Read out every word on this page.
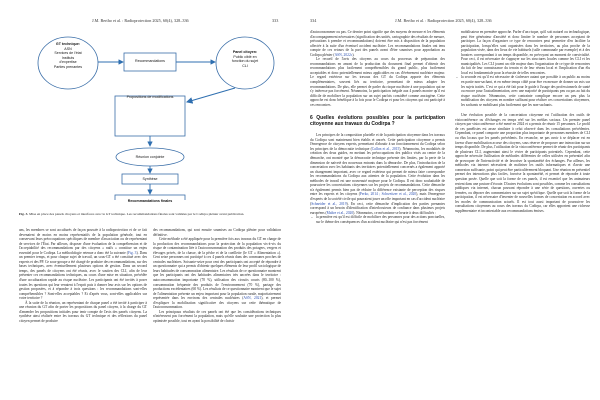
J.M. Bertho et al. : Radioprotection 2025, 60(4), 328–336	333
GT technique:
ASN
Services de l'état
Instituts
d'expertise
Parties prenantes
Recommandations
Panel citoyen:
Public ciblé en
fonction du sujet
CLI
Propositions de modifications
Réunion conjointe
Synthèse
Recommandations finales
Fig. 3. Mise en place des panels citoyens et interfaces avec le GT technique. Les recommandations finales sont validées par le Codirpa plénier avant publication.

ans, les membres se sont acculturés de façon poussée à la radioprotection et de ce fait devenaient de moins en moins représentatifs de la population générale, tout en conservant leurs préoccupations spécifiques de membre d'association ou de représentant de services de l'État. Par ailleurs, disposer d'une évaluation de la compréhension et de l'acceptabilité des recommandations par des citoyens « naïfs » constitue un enjeu essentiel pour le Codirpa. La méthodologie retenue a donc été la suivante (Fig. 3). Dans un premier temps, et pour chaque sujet de travail, un sous-GT a été constitué avec des experts et des PP. Ce sous-groupe a été chargé de produire des recommandations, sur des bases techniques, avec éventuellement plusieurs options de gestion. Dans un second temps, des panels de citoyens ont été réunis, avec le soutien des CLI, afin de leur présenter ces recommandations techniques, au cours d'une mise en situation, précédée d'une acculturation rapide au risque nucléaire. Les participants ont été invités à poser toutes les questions qui leur venaient à l'esprit puis à donner leur avis sur les options de gestion proposées, et à répondre à trois questions : les recommandations sont-elles compréhensibles ? Sont-elles acceptables ? Et d'après vous, sont-elles applicables sur votre territoire ?

À la suite de la réunion, un représentant de chaque panel a été invité à participer à une réunion du GT afin de porter les propositions du panel citoyen, à la charge du GT d'amender les propositions initiales pour tenir compte de l'avis des panels citoyens. La synthèse ainsi réalisée entre les travaux du GT technique et des réflexions du panel citoyen permet de produire

des recommandations, qui sont ensuite soumises au Codirpa plénier pour validation définitive.

Cette méthode a été appliquée pour la première fois aux travaux du GT en charge de la production des recommandations pour la protection de la population vis-à-vis du risque de contamination liée à l'autoconsommation des produits des potagers, vergers et élevages privés, de la chasse, de la pêche et de la cueillette (le GT « Alimentation »). Cent seize personnes ont participé à ces 4 panels réunis dans des communes proches de centrales nucléaires. Soixante-seize pour cent des participants ont accepté de répondre à un questionnaire qui a permis d'obtenir quelques éléments de leur profil sociologique de leurs habitudes de consommation alimentaire. Les résultats de ce questionnaire montrent que les participants ont des habitudes alimentaires très ancrées dans le territoire : autoconsommation importante (70 %), utilisation des circuits courts (80–100 %), consommation fréquente des produits de l'environnement (70 %), partage des productions excédentaires (60 %). Les résultats de ce questionnaire montrent que le sujet de l'alimentation présente un enjeu important pour la population rurale, majoritairement représentée dans les environs des centrales nucléaires (ASN, 2021), et permet d'expliquer la mobilisation significative des citoyens sur cette thématique de l'autoconsommation.

Les principaux résultats de ces panels ont été que les considérations techniques n'intéressent pas forcément la population, mais qu'elle souhaite une protection la plus optimisée possible, tout en ayant la possibilité de choisir

334	J.M. Bertho et al. : Radioprotection 2025, 60(4), 328–336

d'autoconsommer ou pas. Ce dernier point signifie que des moyens de mesure et les éléments d'accompagnement nécessaires (signification des unités, cartographie des résultats de mesure, précautions à prendre et recommandations) doivent être mis à disposition de la population affectée à la suite d'un éventuel accident nucléaire. Les recommandations finales ont tenu compte de ces retours de la part des panels avant d'être soumises pour approbation au Codirpa plénier (ASN, 2022c).

Le recueil de l'avis des citoyens au cours du processus de préparation des recommandations en amont de la production du document final permet d'obtenir des recommandations plus facilement compréhensibles du grand public, plus facilement acceptables et donc potentiellement mieux applicables en cas d'événement nucléaire majeur. Le regard extérieur sur les travaux des GT du Codirpa apporte des éléments complémentaires, souvent liés au territoire, permettant de mieux adapter les recommandations. De plus, elle permet de parler du risque nucléaire à une population qui ne s'y intéresse pas forcément. Néanmoins, la participation inégale aux 4 panels montre qu'il est difficile de mobiliser la population sur un sujet parfois considéré comme anxiogène. Cette approche est donc bénéfique à la fois pour le Codirpa et pour les citoyens qui ont participé à ces rencontres.

6 Quelles évolutions possibles pour la participation citoyenne aux travaux du Codirpa ?

Les principes de la composition plurielle et de la participation citoyenne dans les travaux du Codirpa sont maintenant bien établis et ancrés. Cette participation citoyenne a permis l'émergence de citoyens experts, permettant d'aboutir à un fonctionnement du Codirpa selon les principes de la démocratie technique (Callon et al., 2015). Néanmoins, les modalités de création des deux guides, en mettant les préoccupations des publics visés au centre de la démarche, ont montré que la démocratie technique présente des limites, par la perte de la dimension de naïveté des nouveaux entrants dans la démarche. De plus, l'introduction de la concertation avec les habitants des territoires potentiellement concernés a également apporté un changement important, avec ce regard extérieur qui permet de mieux faire correspondre les recommandations du Codirpa aux attentes de la population. Cette évolution dans les méthodes de travail est une nouveauté majeure pour le Codirpa. Il est donc souhaitable de poursuivre les concertations citoyennes sur les projets de recommandations. Cette démarche n'a également permis bien pas de réduire la différence existante de perception des risques entre les experts et les citoyens (Perko, 2014 ; Schweitzer et al., 2020), mais l'émergence d'experts de la société civile qui pourraient jouer un rôle important en cas d'accident nucléaire (Schneider et al., 2019). En ceci, cette démarche d'implication des parties prenantes correspond à un besoin d'identification d'interlocuteurs de confiance dans plusieurs projets européens (Maître et al., 2020). Néanmoins, ce mécanisme se heurte à deux difficultés :

– la première est qu'il est difficile de mobiliser des personnes pour des actions ponctuelles, sur le thème des conséquences d'un accident nucléaire qui n'est pas forcément

mobilisateur en première approche. Parler d'un risque, qu'il soit naturel ou technologique, peut être générateur d'anxiété et donc limiter le nombre de personnes acceptant de participer. La façon d'organiser ce type de rencontres peut permettre d'en faciliter la participation, lorsqu'elles sont organisées dans les territoires, au plus proche de la population visée, dans des lieux de vie habituels (salle communale par exemple) et à des horaires correspondant à un temps disponible, en prévoyant un moment de convivialité. Pour ceci, il est nécessaire de s'appuyer sur les structures locales comme les CLI et les municipalités. Les CLI jouent un rôle majeur dans l'organisation de ce type de rencontres du fait de leur connaissance du terrain et de leur réseau local et l'implication d'un élu local est fondamentale pour la réussite de telles rencontres.

– la seconde est qu'il est nécessaire de s'adresser autant que possible à un public au moins en partie non-sachant, et en même temps ciblé pour être en mesure de donner un avis sur les sujets traités. C'est ce qui a été fait pour le guide à l'usage des professionnels de santé ou encore pour l'autoalimentation, avec une majorité de participants peu ou pas au fait du risque nucléaire. Néanmoins, cette contrainte complique encore un peu plus la mobilisation des citoyens en nombre suffisant pour réaliser ces concertations citoyennes, les sachants se mobilisant plus facilement que les non-sachants.

Une évolution possible de la concertation citoyenne est l'utilisation des outils de visioconférence ou d'échanges en temps réel sur les médias sociaux. Un premier panel citoyen par visioconférence a été mené en 2024 et a permis de réunir 15 personnes. Le profil de ces panélistes est assez similaire à celui observé dans les consultations précédentes. Cependant, ce panel comporte une proportion plus importante de personnes membres de CLI ou élus locaux que les panels précédents. En revanche, ne pas avoir à se déplacer est en faveur d'une mobilisation accrue des citoyens, sous réserve de proposer une interaction sur un temps disponible. De plus, l'utilisation de la visioconférence permet de réunir des participants de plusieurs CLI, augmentant ainsi le vivier de participants potentiels. Cependant, cette approche nécessite l'utilisation de méthodes différentes de celles utilisées en présentiel afin de provoquer de l'interactivité et de favoriser la spontanéité des échanges. Par ailleurs, les méthodes via internet nécessitent de maîtriser les outils informatiques et d'avoir une connexion suffisante, point qui peut être particulièrement bloquant. Une réunion en présentiel permet des interactions plus faciles, favorise la spontanéité, et permet de répondre à toute question posée. Quelle que soit la forme de ces panels, il est essentiel que les animateurs restent dans une posture d'écoute. D'autres évolutions sont possibles, comme les consultations publiques via internet, chacun pouvant répondre à une série de questions, ouvertes ou fermées, ou déposer des commentaires sur un sujet spécifique. Quelle que soit la forme de la participation, il est nécessaire d'inventer de nouvelles formes de concertation en accord avec les modes de communication actuels. Il est tout aussi important de poursuivre les consultations citoyennes au cours des travaux du Codirpa, car elles apportent une richesse supplémentaire et incontestable aux recommandations émises.
